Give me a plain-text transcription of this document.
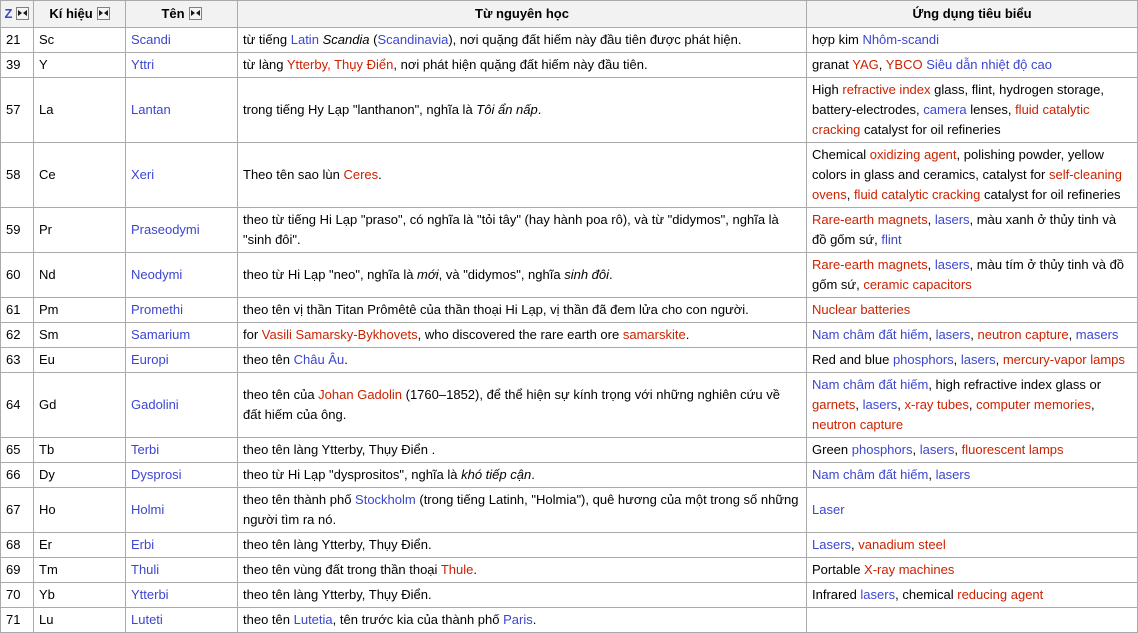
Z	Kí hiệu	Tên	Từ nguyên học	Ứng dụng tiêu biểu
21	Sc	Scandi	từ tiếng Latin Scandia (Scandinavia), nơi quặng đất hiếm này đầu tiên được phát hiện.	hợp kim Nhôm-scandi
39	Y	Yttri	từ làng Ytterby, Thụy Điển, nơi phát hiện quặng đất hiếm này đầu tiên.	granat YAG, YBCO Siêu dẫn nhiệt độ cao
57	La	Lantan	trong tiếng Hy Lạp "lanthanon", nghĩa là Tôi ẩn nấp.	High refractive index glass, flint, hydrogen storage, battery-electrodes, camera lenses, fluid catalytic cracking catalyst for oil refineries
58	Ce	Xeri	Theo tên sao lùn Ceres.	Chemical oxidizing agent, polishing powder, yellow colors in glass and ceramics, catalyst for self-cleaning ovens, fluid catalytic cracking catalyst for oil refineries
59	Pr	Praseodymi	theo từ tiếng Hi Lạp "praso", có nghĩa là "tỏi tây" (hay hành poa rô), và từ "didymos", nghĩa là "sinh đôi".	Rare-earth magnets, lasers, màu xanh ở thủy tinh và đồ gốm sứ, flint
60	Nd	Neodymi	theo từ Hi Lạp "neo", nghĩa là mới, và "didymos", nghĩa sinh đôi.	Rare-earth magnets, lasers, màu tím ở thủy tinh và đồ gốm sứ, ceramic capacitors
61	Pm	Promethi	theo tên vị thần Titan Prômêtê của thần thoại Hi Lạp, vị thần đã đem lửa cho con người.	Nuclear batteries
62	Sm	Samarium	for Vasili Samarsky-Bykhovets, who discovered the rare earth ore samarskite.	Nam châm đất hiếm, lasers, neutron capture, masers
63	Eu	Europi	theo tên Châu Âu.	Red and blue phosphors, lasers, mercury-vapor lamps
64	Gd	Gadolini	theo tên của Johan Gadolin (1760–1852), để thể hiện sự kính trọng với những nghiên cứu về đất hiếm của ông.	Nam châm đất hiếm, high refractive index glass or garnets, lasers, x-ray tubes, computer memories, neutron capture
65	Tb	Terbi	theo tên làng Ytterby, Thụy Điển .	Green phosphors, lasers, fluorescent lamps
66	Dy	Dysprosi	theo từ Hi Lạp "dysprositos", nghĩa là khó tiếp cận.	Nam châm đất hiếm, lasers
67	Ho	Holmi	theo tên thành phố Stockholm (trong tiếng Latinh, "Holmia"), quê hương của một trong số những người tìm ra nó.	Laser
68	Er	Erbi	theo tên làng Ytterby, Thụy Điển.	Lasers, vanadium steel
69	Tm	Thuli	theo tên vùng đất trong thần thoại Thule.	Portable X-ray machines
70	Yb	Ytterbi	theo tên làng Ytterby, Thụy Điển.	Infrared lasers, chemical reducing agent
71	Lu	Luteti	theo tên Lutetia, tên trước kia của thành phố Paris.	
